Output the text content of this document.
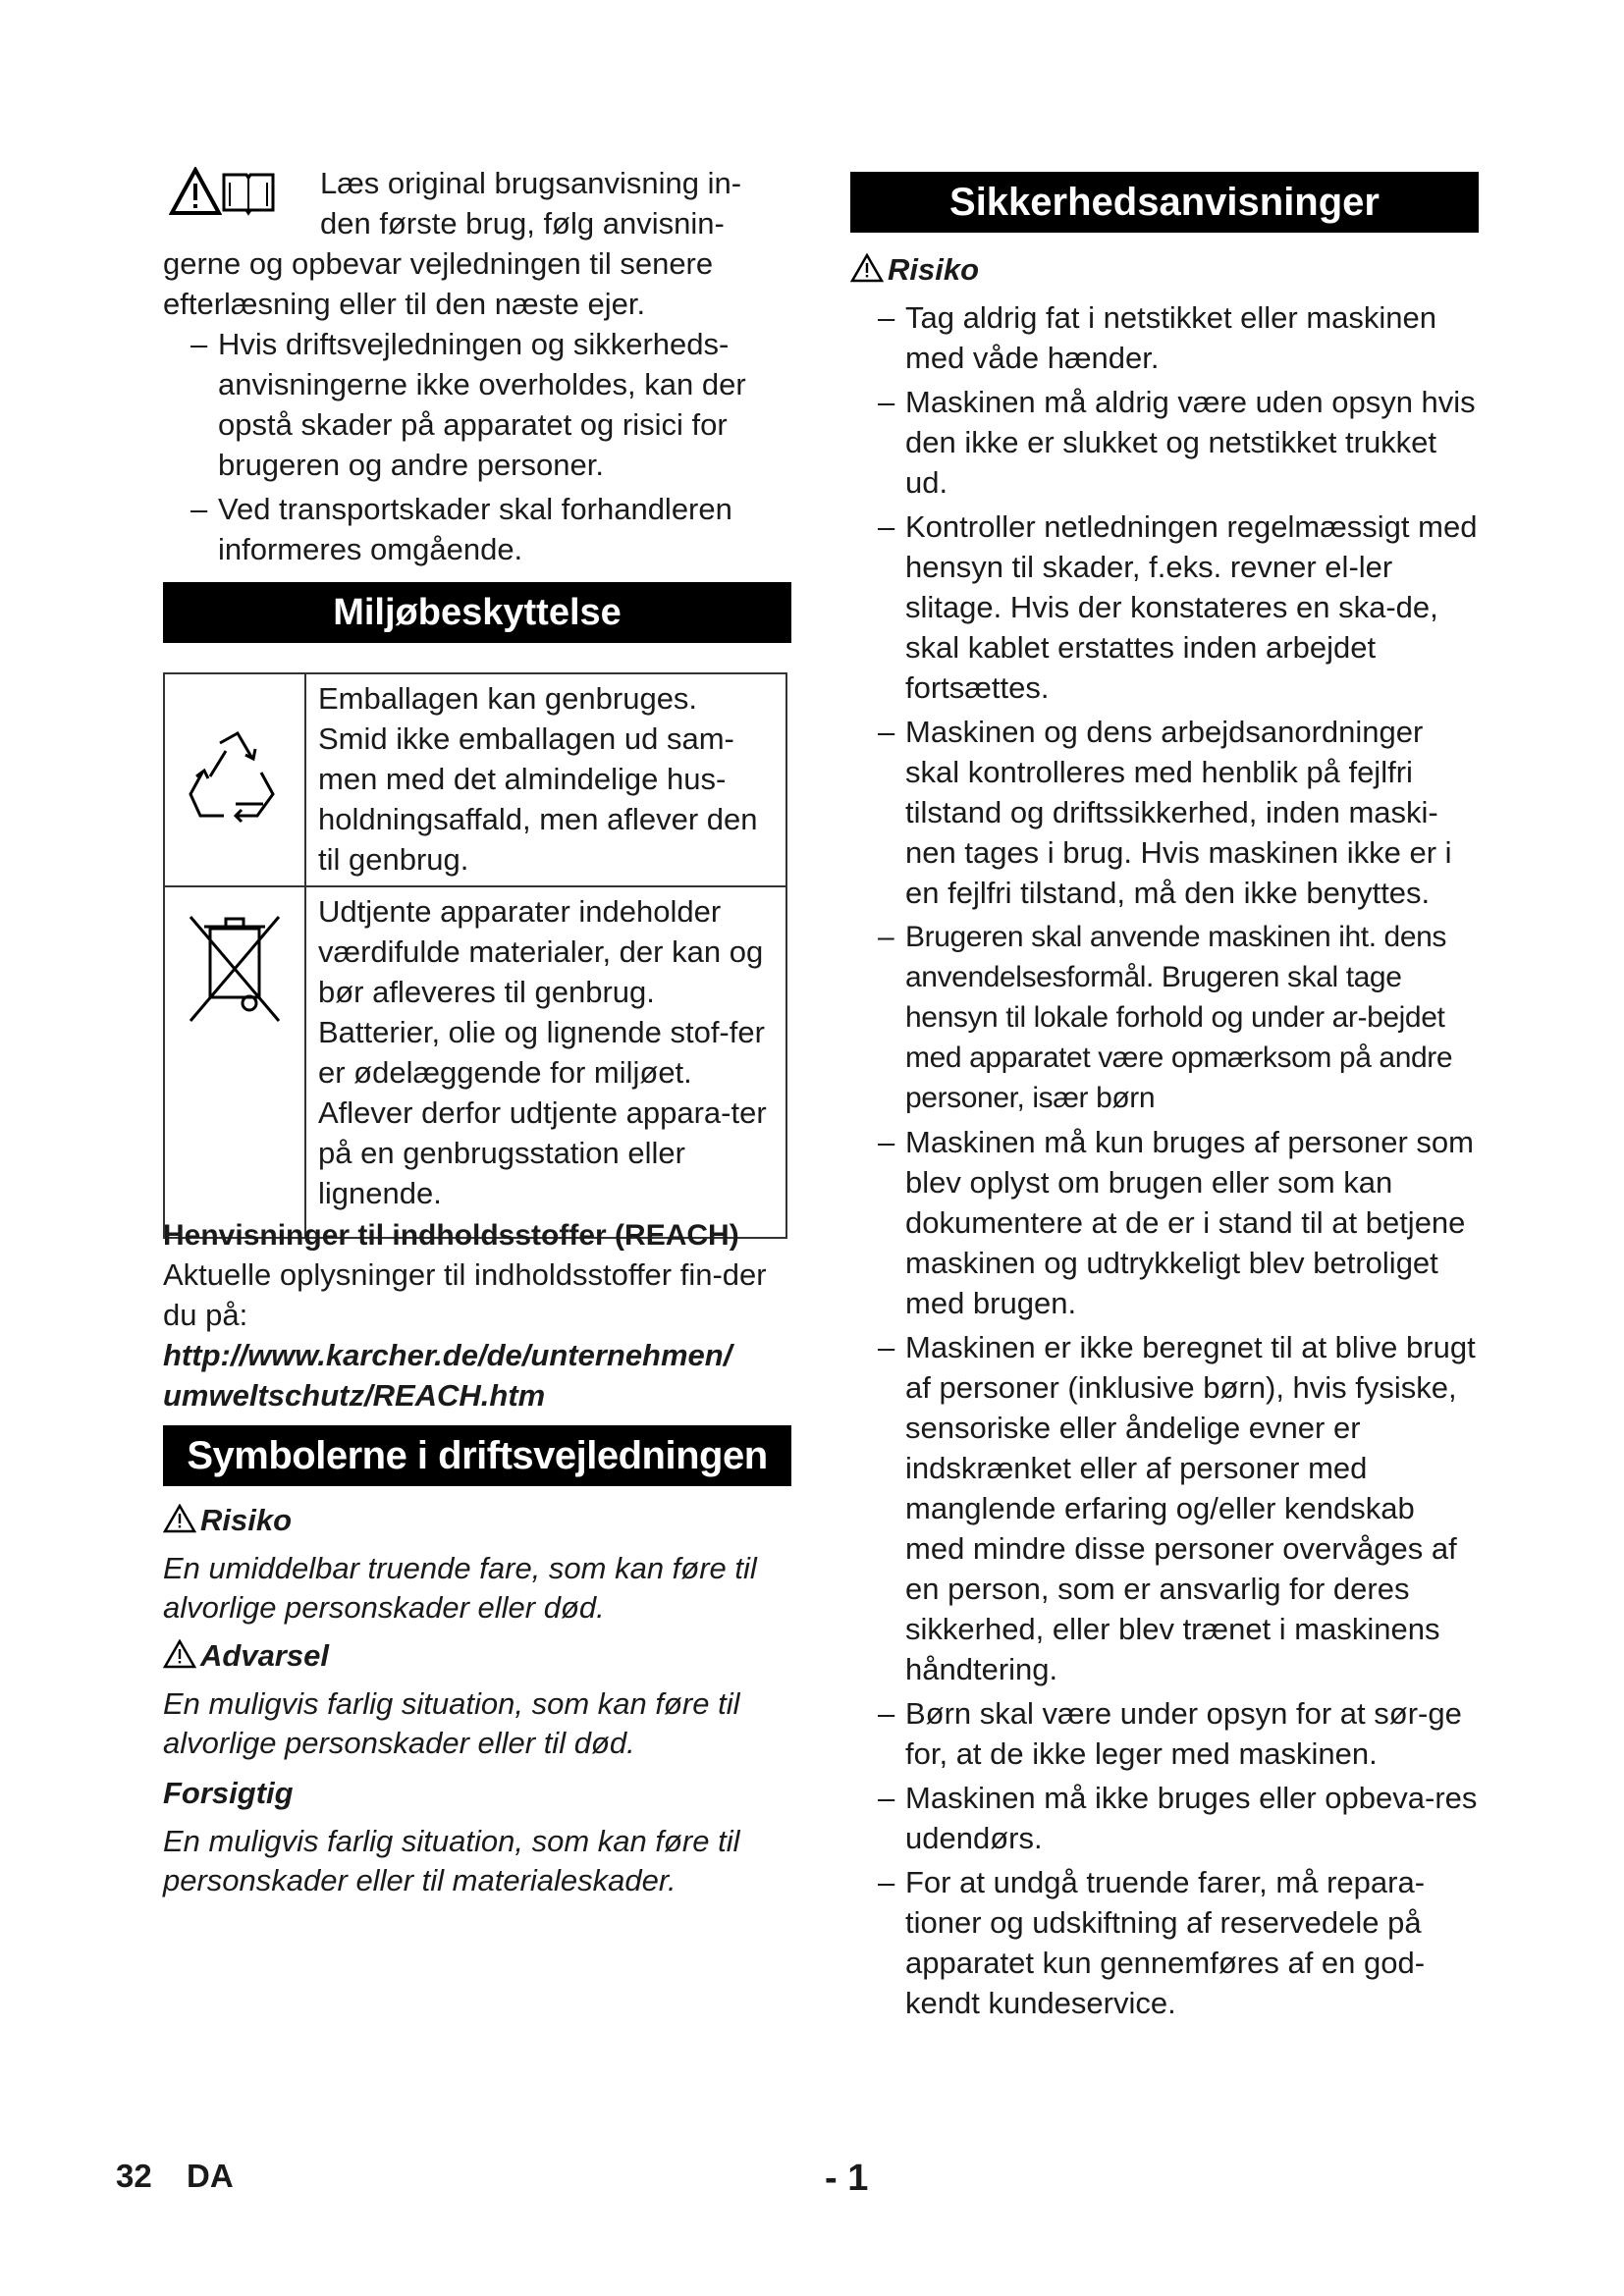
Læs original brugsanvisning in-

den første brug, følg anvisnin-

gerne og opbevar vejledningen til senere efterlæsning eller til den næste ejer.

– Hvis driftsvejledningen og sikkerheds-anvisningerne ikke overholdes, kan der opstå skader på apparatet og risici for brugeren og andre personer.

– Ved transportskader skal forhandleren informeres omgående.

Miljøbeskyttelse
	Emballagen kan genbruges. Smid ikke emballagen ud sam-men med det almindelige hus-holdningsaffald, men aflever den til genbrug.
	Udtjente apparater indeholder værdifulde materialer, der kan og bør afleveres til genbrug. Batterier, olie og lignende stof-fer er ødelæggende for miljøet. Aflever derfor udtjente appara-ter på en genbrugsstation eller lignende.

Henvisninger til indholdsstoffer (REACH)

Aktuelle oplysninger til indholdsstoffer fin-der du på:

http://www.karcher.de/de/unternehmen/

umweltschutz/REACH.htm

Symbolerne i driftsvejledningen

Risiko

En umiddelbar truende fare, som kan føre til alvorlige personskader eller død.

Advarsel

En muligvis farlig situation, som kan føre til alvorlige personskader eller til død.

Forsigtig

En muligvis farlig situation, som kan føre til personskader eller til materialeskader.

Sikkerhedsanvisninger

Risiko

– Tag aldrig fat i netstikket eller maskinen med våde hænder.

– Maskinen må aldrig være uden opsyn hvis den ikke er slukket og netstikket trukket ud.

– Kontroller netledningen regelmæssigt med hensyn til skader, f.eks. revner el-ler slitage. Hvis der konstateres en ska-de, skal kablet erstattes inden arbejdet fortsættes.

– Maskinen og dens arbejdsanordninger skal kontrolleres med henblik på fejlfri tilstand og driftssikkerhed, inden maski-nen tages i brug. Hvis maskinen ikke er i en fejlfri tilstand, må den ikke benyttes.

– Brugeren skal anvende maskinen iht. dens anvendelsesformål. Brugeren skal tage hensyn til lokale forhold og under ar-bejdet med apparatet være opmærksom på andre personer, især børn

– Maskinen må kun bruges af personer som blev oplyst om brugen eller som kan dokumentere at de er i stand til at betjene maskinen og udtrykkeligt blev betroliget med brugen.

– Maskinen er ikke beregnet til at blive brugt af personer (inklusive børn), hvis fysiske, sensoriske eller åndelige evner er indskrænket eller af personer med manglende erfaring og/eller kendskab med mindre disse personer overvåges af en person, som er ansvarlig for deres sikkerhed, eller blev trænet i maskinens håndtering.

– Børn skal være under opsyn for at sør-ge for, at de ikke leger med maskinen.

– Maskinen må ikke bruges eller opbeva-res udendørs.

– For at undgå truende farer, må repara-tioner og udskiftning af reservedele på apparatet kun gennemføres af en god-kendt kundeservice.

32 DA	- 1
